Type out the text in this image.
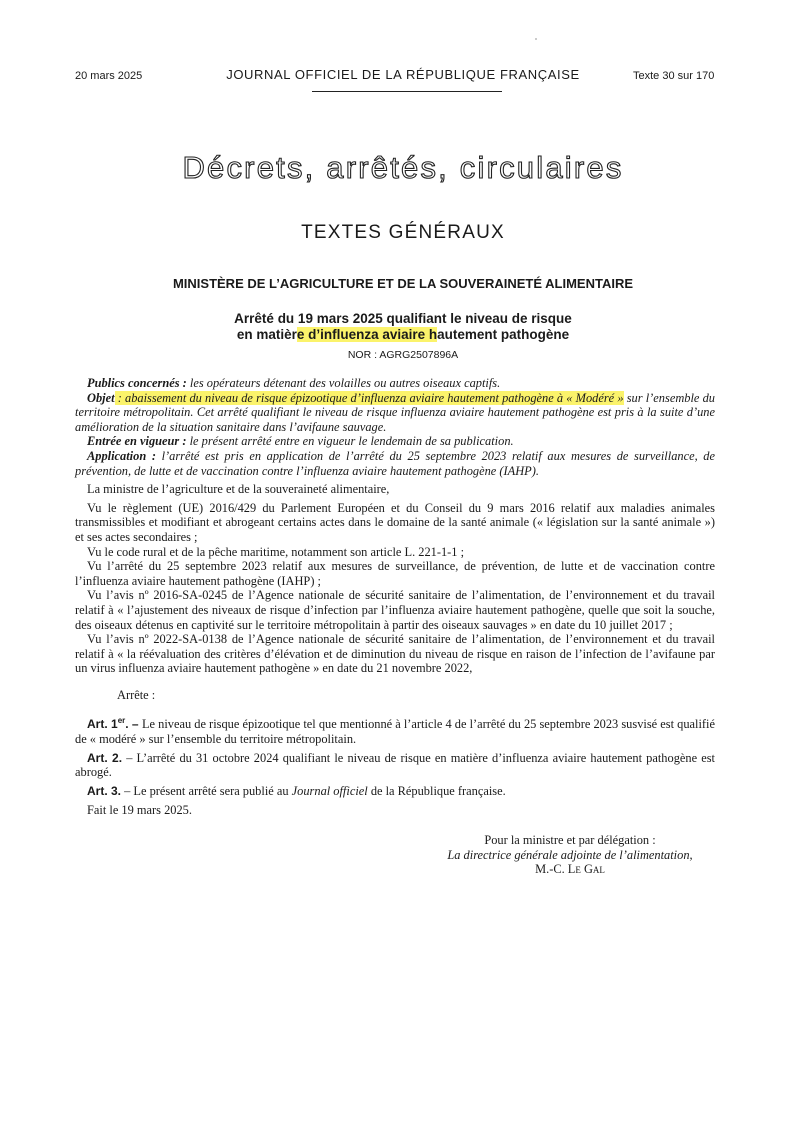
20 mars 2025	JOURNAL OFFICIEL DE LA RÉPUBLIQUE FRANÇAISE	Texte 30 sur 170
Décrets, arrêtés, circulaires
TEXTES GÉNÉRAUX
MINISTÈRE DE L’AGRICULTURE ET DE LA SOUVERAINETÉ ALIMENTAIRE
Arrêté du 19 mars 2025 qualifiant le niveau de risque
en matière d’influenza aviaire hautement pathogène
NOR : AGRG2507896A

Publics concernés : les opérateurs détenant des volailles ou autres oiseaux captifs.

Objet : abaissement du niveau de risque épizootique d’influenza aviaire hautement pathogène à « Modéré » sur l’ensemble du territoire métropolitain. Cet arrêté qualifiant le niveau de risque influenza aviaire hautement pathogène est pris à la suite d’une amélioration de la situation sanitaire dans l’avifaune sauvage.

Entrée en vigueur : le présent arrêté entre en vigueur le lendemain de sa publication.

Application : l’arrêté est pris en application de l’arrêté du 25 septembre 2023 relatif aux mesures de surveillance, de prévention, de lutte et de vaccination contre l’influenza aviaire hautement pathogène (IAHP).

La ministre de l’agriculture et de la souveraineté alimentaire,

Vu le règlement (UE) 2016/429 du Parlement Européen et du Conseil du 9 mars 2016 relatif aux maladies animales transmissibles et modifiant et abrogeant certains actes dans le domaine de la santé animale (« législation sur la santé animale ») et ses actes secondaires ;

Vu le code rural et de la pêche maritime, notamment son article L. 221-1-1 ;

Vu l’arrêté du 25 septembre 2023 relatif aux mesures de surveillance, de prévention, de lutte et de vaccination contre l’influenza aviaire hautement pathogène (IAHP) ;

Vu l’avis nº 2016-SA-0245 de l’Agence nationale de sécurité sanitaire de l’alimentation, de l’environnement et du travail relatif à « l’ajustement des niveaux de risque d’infection par l’influenza aviaire hautement pathogène, quelle que soit la souche, des oiseaux détenus en captivité sur le territoire métropolitain à partir des oiseaux sauvages » en date du 10 juillet 2017 ;

Vu l’avis nº 2022-SA-0138 de l’Agence nationale de sécurité sanitaire de l’alimentation, de l’environnement et du travail relatif à « la réévaluation des critères d’élévation et de diminution du niveau de risque en raison de l’infection de l’avifaune par un virus influenza aviaire hautement pathogène » en date du 21 novembre 2022,

Arrête :

Art. 1er. – Le niveau de risque épizootique tel que mentionné à l’article 4 de l’arrêté du 25 septembre 2023 susvisé est qualifié de « modéré » sur l’ensemble du territoire métropolitain.

Art. 2. – L’arrêté du 31 octobre 2024 qualifiant le niveau de risque en matière d’influenza aviaire hautement pathogène est abrogé.

Art. 3. – Le présent arrêté sera publié au Journal officiel de la République française.

Fait le 19 mars 2025.

Pour la ministre et par délégation :
La directrice générale adjointe de l’alimentation,
M.-C. Le Gal
